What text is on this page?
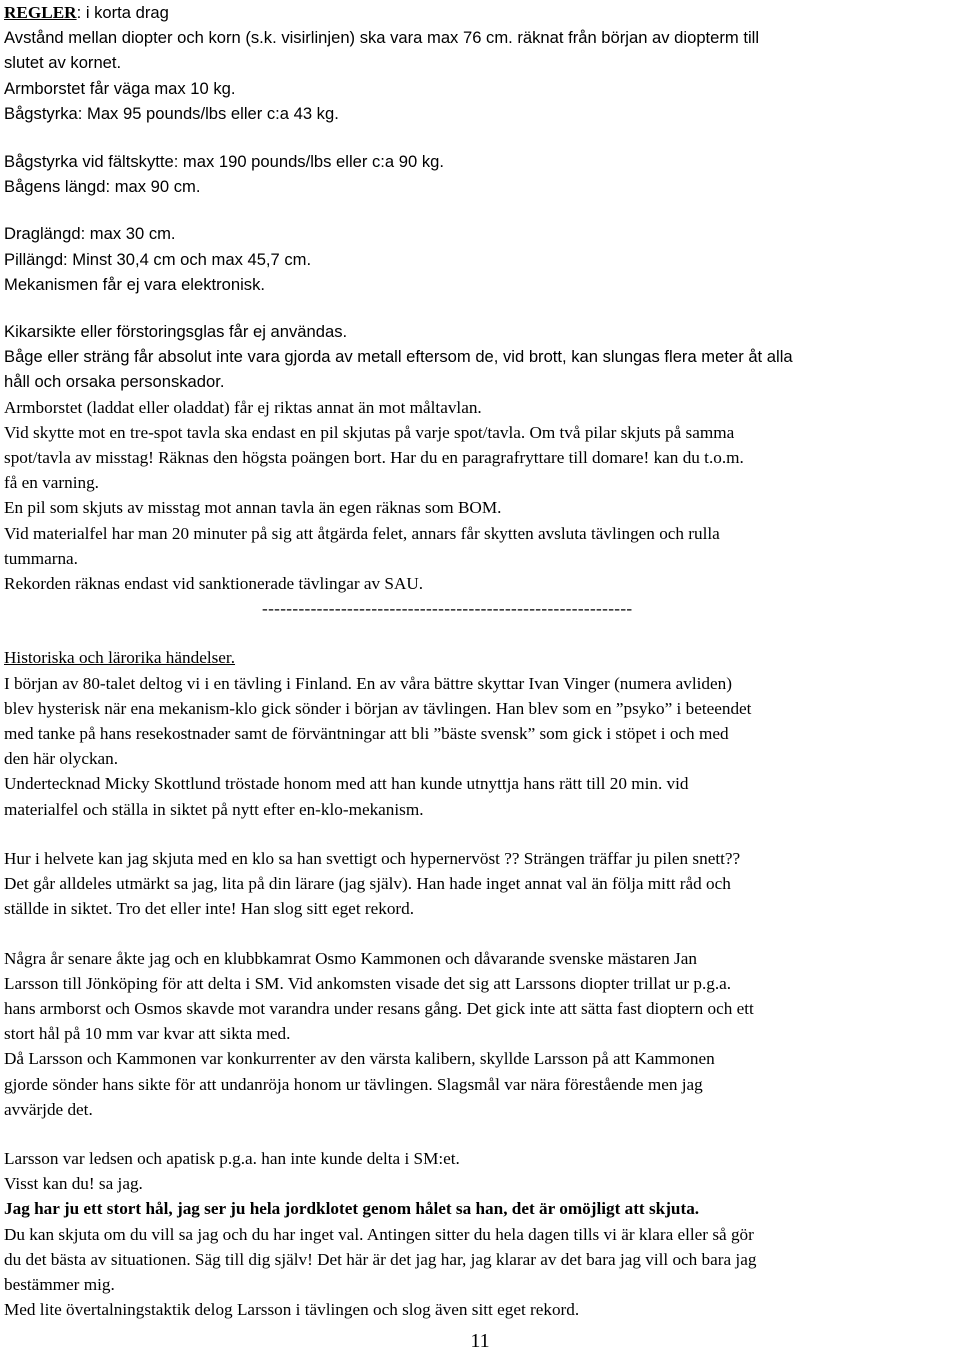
REGLER: i korta drag
Avstånd mellan diopter och korn (s.k. visirlinjen) ska vara max 76 cm. räknat från början av diopterm till
slutet av kornet.
Armborstet får väga max 10 kg.
Bågstyrka: Max 95 pounds/lbs eller c:a 43 kg.
Bågstyrka vid fältskytte: max 190 pounds/lbs eller c:a 90 kg.
Bågens längd: max 90 cm.
Draglängd: max 30 cm.
Pillängd: Minst 30,4 cm och max 45,7 cm.
Mekanismen får ej vara elektronisk.
Kikarsikte eller förstoringsglas får ej användas.
Båge eller sträng får absolut inte vara gjorda av metall eftersom de, vid brott, kan slungas flera meter åt alla
håll och orsaka personskador.
Armborstet (laddat eller oladdat) får ej riktas annat än mot måltavlan.
Vid skytte mot en tre-spot tavla ska endast en pil skjutas på varje spot/tavla. Om två pilar skjuts på samma
spot/tavla av misstag! Räknas den högsta poängen bort. Har du en paragrafryttare till domare! kan du t.o.m.
få en varning.
En pil som skjuts av misstag mot annan tavla än egen räknas som BOM.
Vid materialfel har man 20 minuter på sig att åtgärda felet, annars får skytten avsluta tävlingen och rulla
tummarna.
Rekorden räknas endast vid sanktionerade tävlingar av SAU.
-------------------------------------------------------------
Historiska och lärorika händelser.
I början av 80-talet deltog vi i en tävling i Finland. En av våra bättre skyttar Ivan Vinger (numera avliden)
blev hysterisk när ena mekanism-klo gick sönder i början av tävlingen. Han blev som en ”psyko” i beteendet
med tanke på hans resekostnader samt de förväntningar att bli ”bäste svensk” som gick i stöpet i och med
den här olyckan.
Undertecknad Micky Skottlund tröstade honom med att han kunde utnyttja hans rätt till 20 min. vid
materialfel och ställa in siktet på nytt efter en-klo-mekanism.
Hur i helvete kan jag skjuta med en klo sa han svettigt och hypernervöst ?? Strängen träffar ju pilen snett??
Det går alldeles utmärkt sa jag, lita på din lärare (jag själv). Han hade inget annat val än följa mitt råd och
ställde in siktet. Tro det eller inte! Han slog sitt eget rekord.
Några år senare åkte jag och en klubbkamrat Osmo Kammonen och dåvarande svenske mästaren Jan
Larsson till Jönköping för att delta i SM. Vid ankomsten visade det sig att Larssons diopter trillat ur p.g.a.
hans armborst och Osmos skavde mot varandra under resans gång. Det gick inte att sätta fast dioptern och ett
stort hål på 10 mm var kvar att sikta med.
Då Larsson och Kammonen var konkurrenter av den värsta kalibern, skyllde Larsson på att Kammonen
gjorde sönder hans sikte för att undanröja honom ur tävlingen. Slagsmål var nära förestående men jag
avvärjde det.
Larsson var ledsen och apatisk p.g.a. han inte kunde delta i SM:et.
Visst kan du! sa jag.
Jag har ju ett stort hål, jag ser ju hela jordklotet genom hålet sa han, det är omöjligt att skjuta.
Du kan skjuta om du vill sa jag och du har inget val. Antingen sitter du hela dagen tills vi är klara eller så gör
du det bästa av situationen. Säg till dig själv! Det här är det jag har, jag klarar av det bara jag vill och bara jag
bestämmer mig.
Med lite övertalningstaktik delog Larsson i tävlingen och slog även sitt eget rekord.
11
